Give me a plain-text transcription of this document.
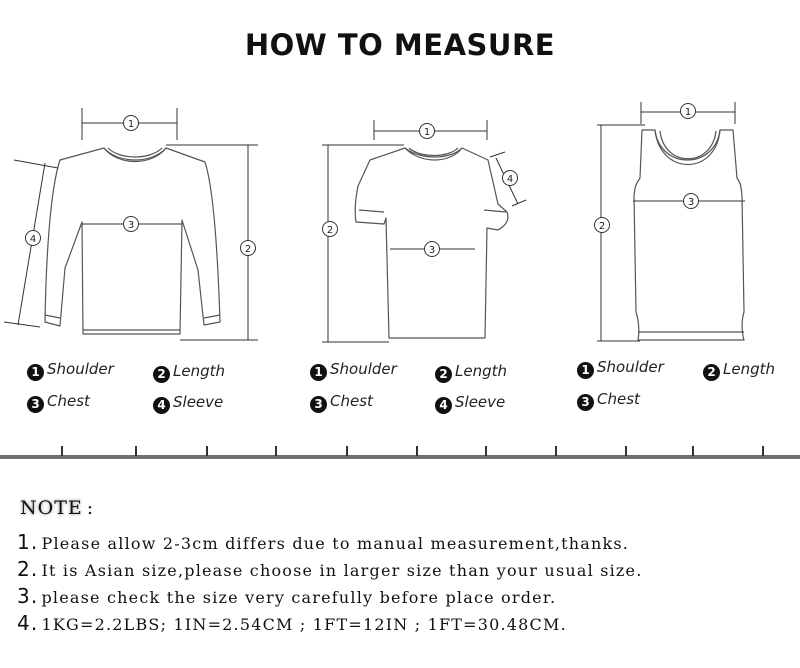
HOW TO MEASURE
1
3
2
4
1
3
2
4
1
3
2
1 Shoulder	2 Length
3 Chest	4 Sleeve
1 Shoulder	2 Length
3 Chest	4 Sleeve
1 Shoulder	2 Length
3 Chest
NOTE :
1. Please allow 2-3cm differs due to manual measurement,thanks.
2. It is Asian size,please choose in larger size than your usual size.
3. please check the size very carefully before place order.
4. 1KG=2.2LBS; 1IN=2.54CM ; 1FT=12IN ; 1FT=30.48CM.
